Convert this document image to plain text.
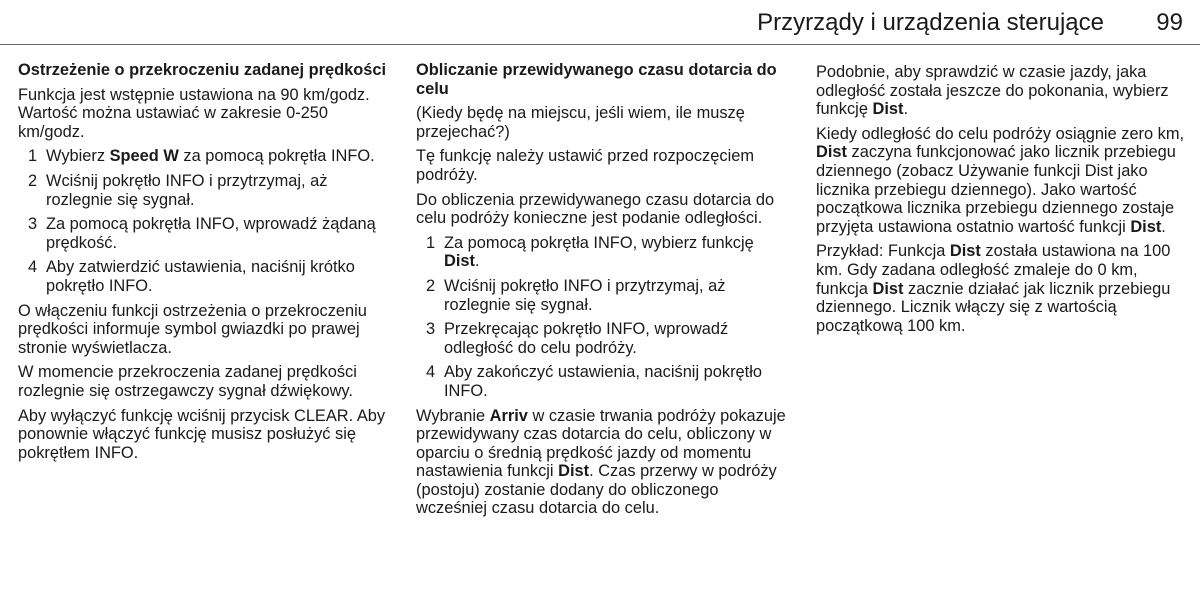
Przyrządy i urządzenia sterujące 99
Ostrzeżenie o przekroczeniu zadanej prędkości

Funkcja jest wstępnie ustawiona na 90 km/godz. Wartość można ustawiać w zakresie 0-250 km/godz.

1 Wybierz Speed W za pomocą pokrętła INFO.
2 Wciśnij pokrętło INFO i przytrzymaj, aż rozlegnie się sygnał.
3 Za pomocą pokrętła INFO, wprowadź żądaną prędkość.
4 Aby zatwierdzić ustawienia, naciśnij krótko pokrętło INFO.

O włączeniu funkcji ostrzeżenia o przekroczeniu prędkości informuje symbol gwiazdki po prawej stronie wyświetlacza.

W momencie przekroczenia zadanej prędkości rozlegnie się ostrzegawczy sygnał dźwiękowy.

Aby wyłączyć funkcję wciśnij przycisk CLEAR. Aby ponownie włączyć funkcję musisz posłużyć się pokrętłem INFO.

Obliczanie przewidywanego czasu dotarcia do celu

(Kiedy będę na miejscu, jeśli wiem, ile muszę przejechać?)

Tę funkcję należy ustawić przed rozpoczęciem podróży.

Do obliczenia przewidywanego czasu dotarcia do celu podróży konieczne jest podanie odległości.

1 Za pomocą pokrętła INFO, wybierz funkcję Dist.
2 Wciśnij pokrętło INFO i przytrzymaj, aż rozlegnie się sygnał.
3 Przekręcając pokrętło INFO, wprowadź odległość do celu podróży.
4 Aby zakończyć ustawienia, naciśnij pokrętło INFO.

Wybranie Arriv w czasie trwania podróży pokazuje przewidywany czas dotarcia do celu, obliczony w oparciu o średnią prędkość jazdy od momentu nastawienia funkcji Dist. Czas przerwy w podróży (postoju) zostanie dodany do obliczonego wcześniej czasu dotarcia do celu.

Podobnie, aby sprawdzić w czasie jazdy, jaka odległość została jeszcze do pokonania, wybierz funkcję Dist.

Kiedy odległość do celu podróży osiągnie zero km, Dist zaczyna funkcjonować jako licznik przebiegu dziennego (zobacz Używanie funkcji Dist jako licznika przebiegu dziennego). Jako wartość początkowa licznika przebiegu dziennego zostaje przyjęta ustawiona ostatnio wartość funkcji Dist.

Przykład: Funkcja Dist została ustawiona na 100 km. Gdy zadana odległość zmaleje do 0 km, funkcja Dist zacznie działać jak licznik przebiegu dziennego. Licznik włączy się z wartością początkową 100 km.
